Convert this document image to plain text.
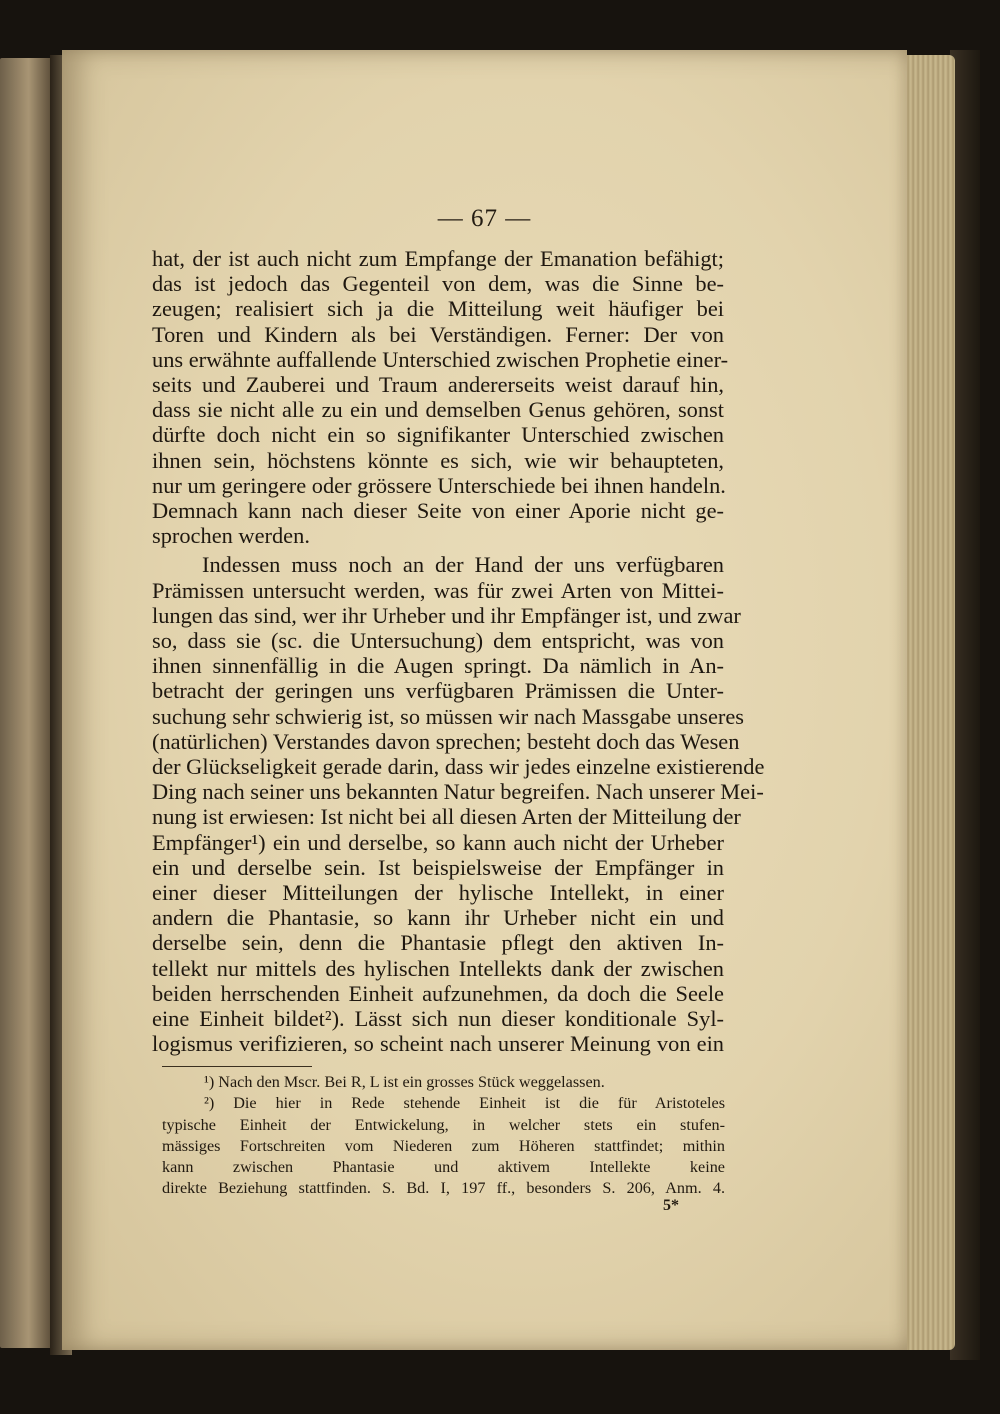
— 67 —

hat, der ist auch nicht zum Empfange der Emanation befähigt;
das ist jedoch das Gegenteil von dem, was die Sinne be-
zeugen; realisiert sich ja die Mitteilung weit häufiger bei
Toren und Kindern als bei Verständigen. Ferner: Der von
uns erwähnte auffallende Unterschied zwischen Prophetie einer-
seits und Zauberei und Traum andererseits weist darauf hin,
dass sie nicht alle zu ein und demselben Genus gehören, sonst
dürfte doch nicht ein so signifikanter Unterschied zwischen
ihnen sein, höchstens könnte es sich, wie wir behaupteten,
nur um geringere oder grössere Unterschiede bei ihnen handeln.
Demnach kann nach dieser Seite von einer Aporie nicht ge-
sprochen werden.

Indessen muss noch an der Hand der uns verfügbaren
Prämissen untersucht werden, was für zwei Arten von Mittei-
lungen das sind, wer ihr Urheber und ihr Empfänger ist, und zwar
so, dass sie (sc. die Untersuchung) dem entspricht, was von
ihnen sinnenfällig in die Augen springt. Da nämlich in An-
betracht der geringen uns verfügbaren Prämissen die Unter-
suchung sehr schwierig ist, so müssen wir nach Massgabe unseres
(natürlichen) Verstandes davon sprechen; besteht doch das Wesen
der Glückseligkeit gerade darin, dass wir jedes einzelne existierende
Ding nach seiner uns bekannten Natur begreifen. Nach unserer Mei-
nung ist erwiesen: Ist nicht bei all diesen Arten der Mitteilung der
Empfänger¹) ein und derselbe, so kann auch nicht der Urheber
ein und derselbe sein. Ist beispielsweise der Empfänger in
einer dieser Mitteilungen der hylische Intellekt, in einer
andern die Phantasie, so kann ihr Urheber nicht ein und
derselbe sein, denn die Phantasie pflegt den aktiven In-
tellekt nur mittels des hylischen Intellekts dank der zwischen
beiden herrschenden Einheit aufzunehmen, da doch die Seele
eine Einheit bildet²). Lässt sich nun dieser konditionale Syl-
logismus verifizieren, so scheint nach unserer Meinung von ein

¹) Nach den Mscr. Bei R, L ist ein grosses Stück weggelassen.
²) Die hier in Rede stehende Einheit ist die für Aristoteles
typische Einheit der Entwickelung, in welcher stets ein stufen-
mässiges Fortschreiten vom Niederen zum Höheren stattfindet; mithin
kann zwischen Phantasie und aktivem Intellekte keine
direkte Beziehung stattfinden. S. Bd. I, 197 ff., besonders S. 206, Anm. 4.
5*
